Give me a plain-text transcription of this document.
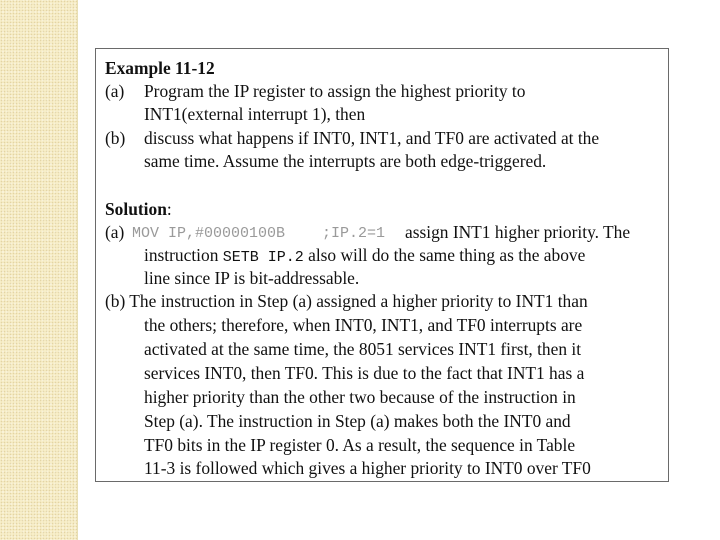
Example 11-12
(a) Program the IP register to assign the highest priority to
INT1(external interrupt 1), then
(b) discuss what happens if INT0, INT1, and TF0 are activated at the
same time. Assume the interrupts are both edge-triggered.
Solution:
(a) MOV IP,#00000100B ;IP.2=1 assign INT1 higher priority. The
instruction SETB IP.2 also will do the same thing as the above
line since IP is bit-addressable.
(b) The instruction in Step (a) assigned a higher priority to INT1 than
the others; therefore, when INT0, INT1, and TF0 interrupts are
activated at the same time, the 8051 services INT1 first, then it
services INT0, then TF0. This is due to the fact that INT1 has a
higher priority than the other two because of the instruction in
Step (a). The instruction in Step (a) makes both the INT0 and
TF0 bits in the IP register 0. As a result, the sequence in Table
11-3 is followed which gives a higher priority to INT0 over TF0
